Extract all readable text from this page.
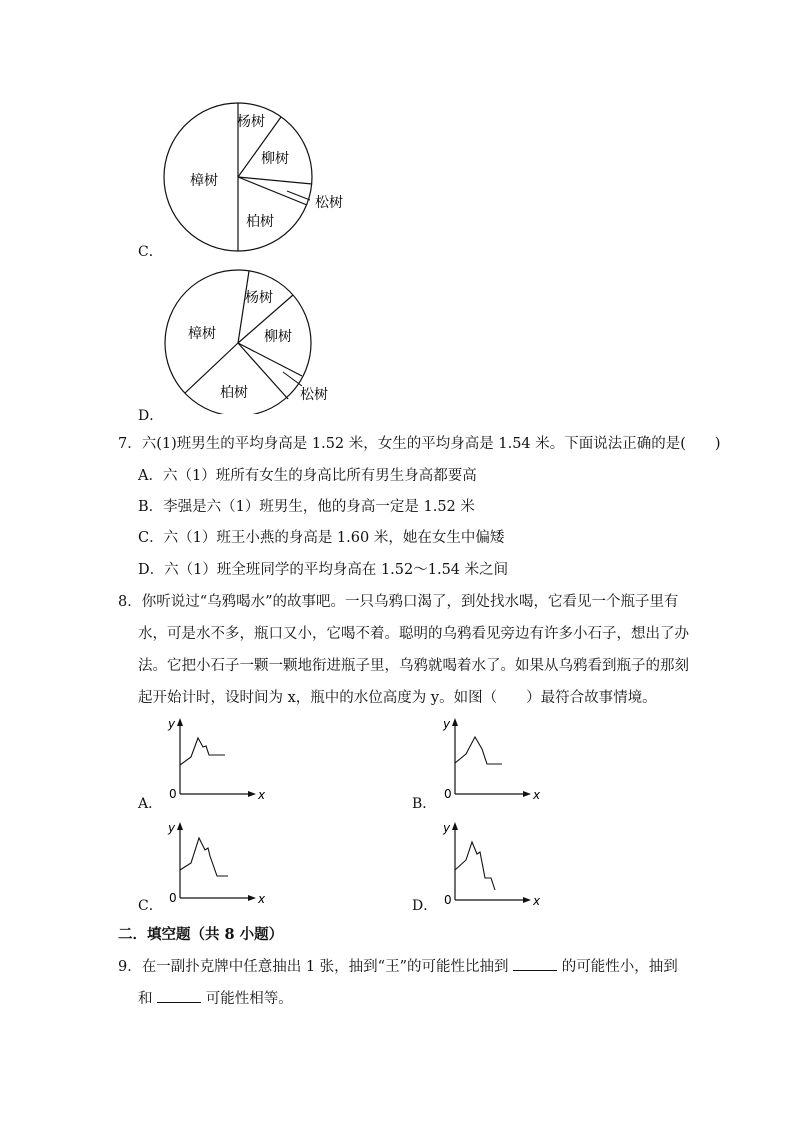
樟树
杨树
柳树
松树
柏树
C．
樟树
杨树
柳树
松树
柏树
D．
7．六(1)班男生的平均身高是 1.52 米，女生的平均身高是 1.54 米。下面说法正确的是(　　)
A．六（1）班所有女生的身高比所有男生身高都要高
B．李强是六（1）班男生，他的身高一定是 1.52 米
C．六（1）班王小燕的身高是 1.60 米，她在女生中偏矮
D．六（1）班全班同学的平均身高在 1.52～1.54 米之间
8．你听说过“乌鸦喝水”的故事吧。一只乌鸦口渴了，到处找水喝，它看见一个瓶子里有
水，可是水不多，瓶口又小，它喝不着。聪明的乌鸦看见旁边有许多小石子，想出了办
法。它把小石子一颗一颗地衔进瓶子里，乌鸦就喝着水了。如果从乌鸦看到瓶子的那刻
起开始计时，设时间为 x，瓶中的水位高度为 y。如图（　　）最符合故事情境。
y
x
0
A．
y
x
0
B．
y
x
0
C．
y
x
0
D．
二．填空题（共 8 小题）
9．在一副扑克牌中任意抽出 1 张，抽到“王”的可能性比抽到	的可能性小，抽到
和	可能性相等。
